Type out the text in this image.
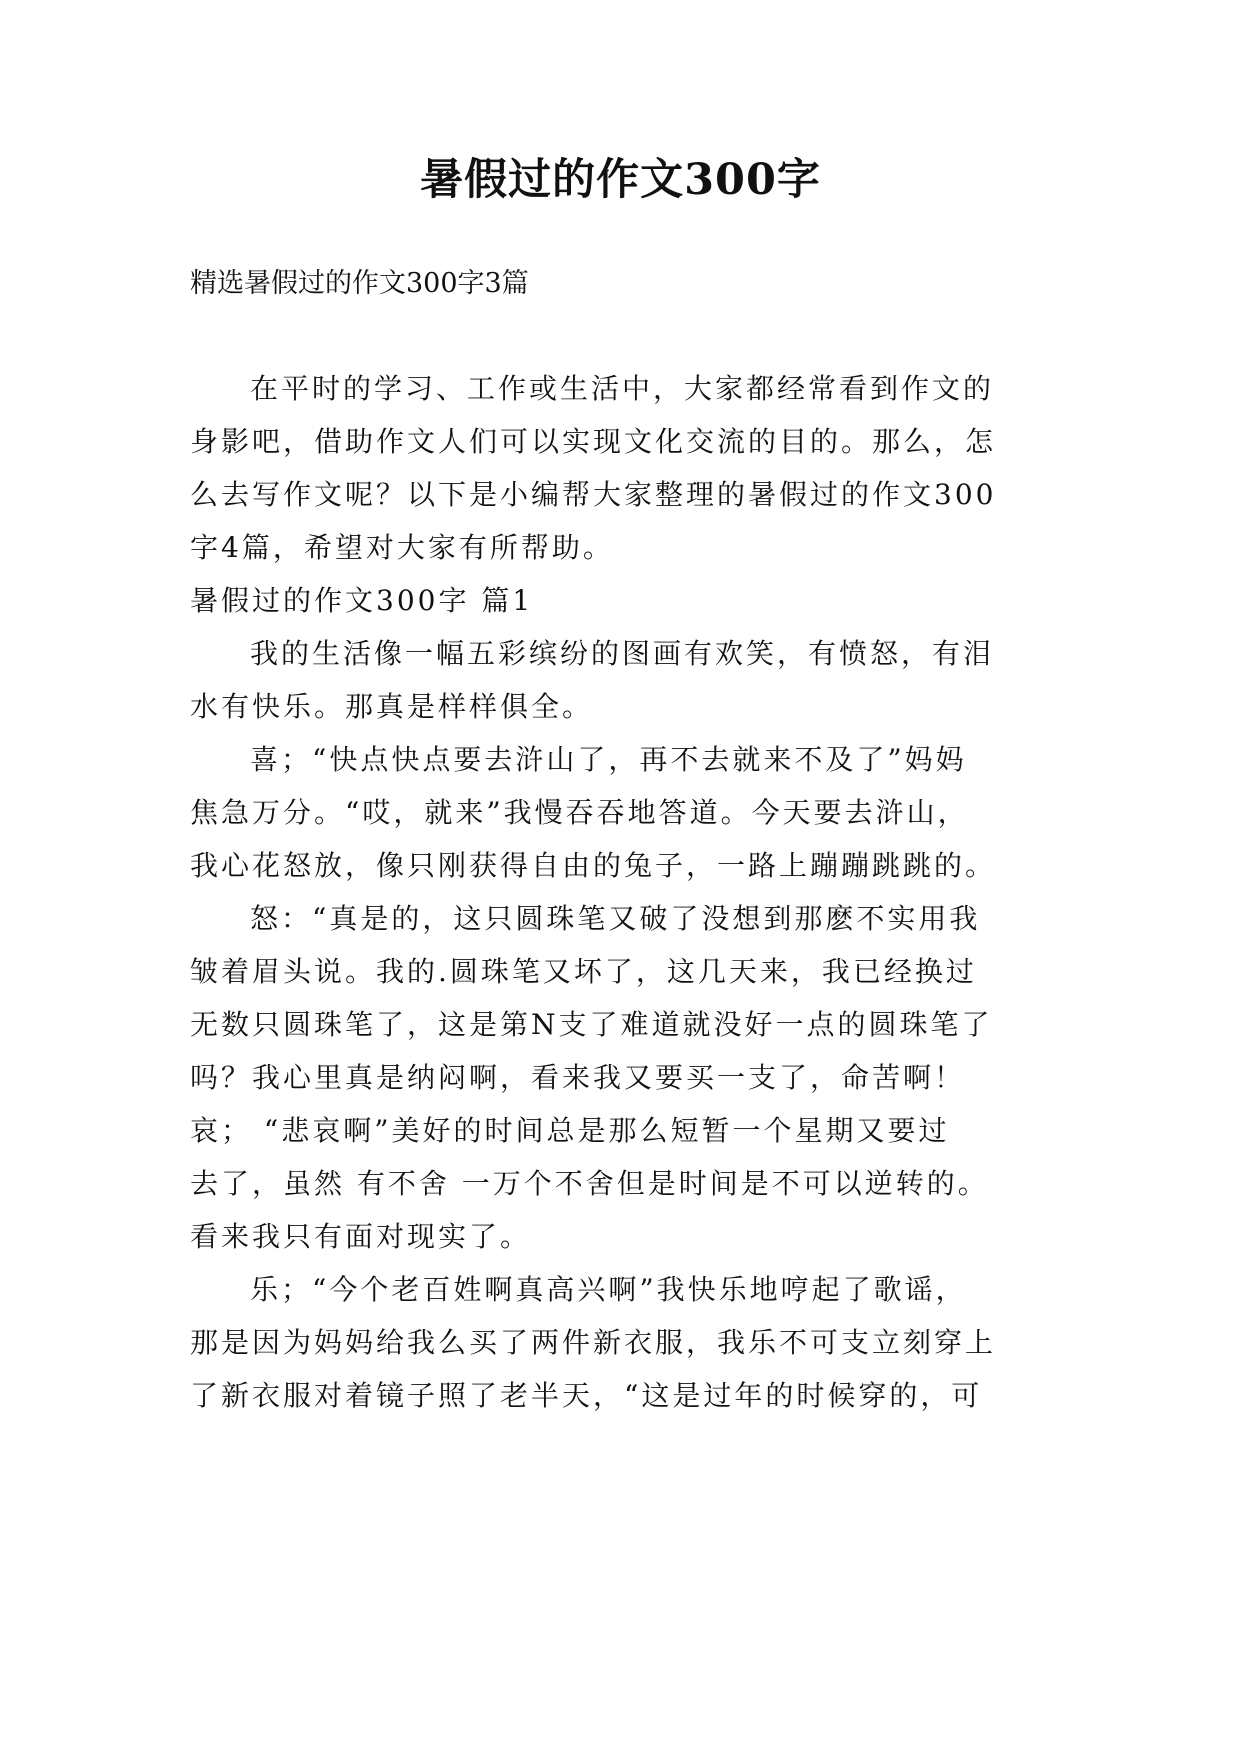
暑假过的作文300字
精选暑假过的作文300字3篇
在平时的学习、工作或生活中，大家都经常看到作文的
身影吧，借助作文人们可以实现文化交流的目的。那么，怎
么去写作文呢？以下是小编帮大家整理的暑假过的作文300
字4篇，希望对大家有所帮助。
暑假过的作文300字 篇1
我的生活像一幅五彩缤纷的图画有欢笑，有愤怒，有泪
水有快乐。那真是样样俱全。
喜；“快点快点要去浒山了，再不去就来不及了”妈妈
焦急万分。“哎，就来”我慢吞吞地答道。今天要去浒山，
我心花怒放，像只刚获得自由的兔子，一路上蹦蹦跳跳的。
怒：“真是的，这只圆珠笔又破了没想到那麽不实用我
皱着眉头说。我的.圆珠笔又坏了，这几天来，我已经换过
无数只圆珠笔了，这是第N支了难道就没好一点的圆珠笔了
吗？我心里真是纳闷啊，看来我又要买一支了，命苦啊！
哀； “悲哀啊”美好的时间总是那么短暂一个星期又要过
去了，虽然 有不舍 一万个不舍但是时间是不可以逆转的。
看来我只有面对现实了。
乐；“今个老百姓啊真高兴啊”我快乐地哼起了歌谣，
那是因为妈妈给我么买了两件新衣服，我乐不可支立刻穿上
了新衣服对着镜子照了老半天，“这是过年的时候穿的，可
